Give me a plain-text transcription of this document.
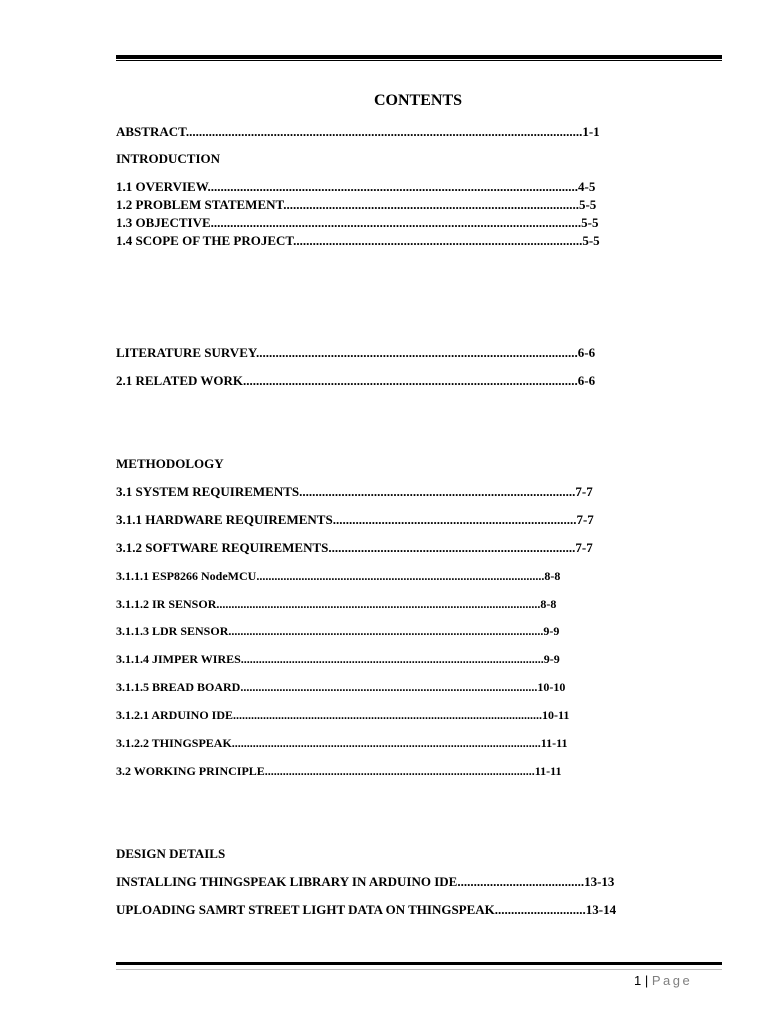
CONTENTS
ABSTRACT..........................................................................................................................1-1
INTRODUCTION
1.1 OVERVIEW..................................................................................................................4-5
1.2 PROBLEM STATEMENT...........................................................................................5-5
1.3 OBJECTIVE..................................................................................................................5-5
1.4 SCOPE OF THE PROJECT.........................................................................................5-5
LITERATURE SURVEY...................................................................................................6-6
2.1 RELATED WORK.......................................................................................................6-6
METHODOLOGY
3.1 SYSTEM REQUIREMENTS.....................................................................................7-7
3.1.1 HARDWARE REQUIREMENTS...........................................................................7-7
3.1.2 SOFTWARE REQUIREMENTS............................................................................7-7
3.1.1.1 ESP8266 NodeMCU................................................................................................8-8
3.1.1.2 IR SENSOR............................................................................................................8-8
3.1.1.3 LDR SENSOR.........................................................................................................9-9
3.1.1.4 JIMPER WIRES.....................................................................................................9-9
3.1.1.5 BREAD BOARD...................................................................................................10-10
3.1.2.1 ARDUINO IDE.......................................................................................................10-11
3.1.2.2 THINGSPEAK.......................................................................................................11-11
3.2 WORKING PRINCIPLE..........................................................................................11-11
DESIGN DETAILS
INSTALLING THINGSPEAK LIBRARY IN ARDUINO IDE.......................................13-13
UPLOADING SAMRT STREET LIGHT DATA ON THINGSPEAK............................13-14
1 | Page
